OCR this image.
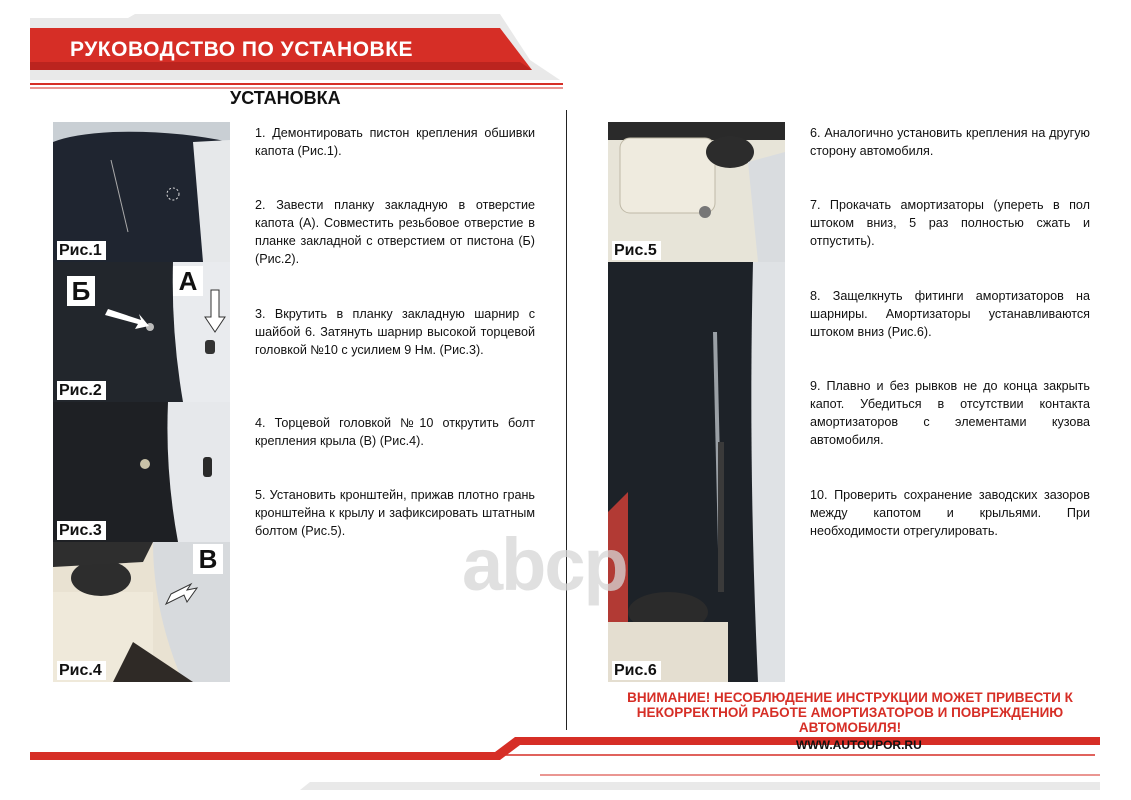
РУКОВОДСТВО ПО УСТАНОВКЕ
УСТАНОВКА
Рис.1
Б	А
Рис.2
Рис.3
В
Рис.4
Рис.5
Рис.6
1. Демонтировать пистон крепления обшивки капота (Рис.1).
2. Завести планку закладную в отверстие капота (А). Совместить резьбовое отверстие в планке закладной с отверстием от пистона (Б) (Рис.2).
3. Вкрутить в планку закладную шарнир с шайбой 6. Затянуть шарнир высокой торцевой головкой №10 с усилием 9 Нм. (Рис.3).
4. Торцевой головкой №10 открутить болт крепления крыла (В) (Рис.4).
5. Установить кронштейн, прижав плотно грань кронштейна к крылу и зафиксировать штатным болтом (Рис.5).
6. Аналогично установить крепления на другую сторону автомобиля.
7. Прокачать амортизаторы (упереть в пол штоком вниз, 5 раз полностью сжать и отпустить).
8. Защелкнуть фитинги амортизаторов на шарниры. Амортизаторы устанавливаются штоком вниз (Рис.6).
9. Плавно и без рывков не до конца закрыть капот. Убедиться в отсутствии контакта амортизаторов с элементами кузова автомобиля.
10. Проверить сохранение заводских зазоров между капотом и крыльями. При необходимости отрегулировать.
abcp
ВНИМАНИЕ! НЕСОБЛЮДЕНИЕ ИНСТРУКЦИИ МОЖЕТ ПРИВЕСТИ К НЕКОРРЕКТНОЙ РАБОТЕ АМОРТИЗАТОРОВ И ПОВРЕЖДЕНИЮ АВТОМОБИЛЯ!
WWW.AUTOUPOR.RU
